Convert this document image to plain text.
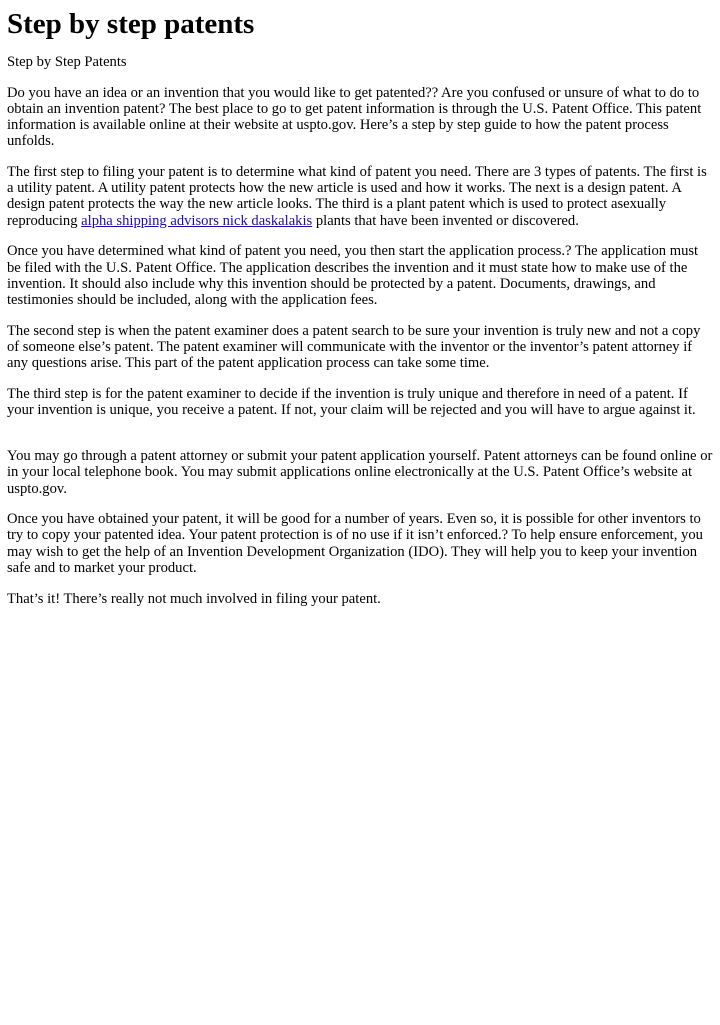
Step by step patents

Step by Step Patents

Do you have an idea or an invention that you would like to get patented?? Are you confused or unsure of what to do to obtain an invention patent? The best place to go to get patent information is through the U.S. Patent Office. This patent information is available online at their website at uspto.gov. Here’s a step by step guide to how the patent process unfolds.

The first step to filing your patent is to determine what kind of patent you need. There are 3 types of patents. The first is a utility patent. A utility patent protects how the new article is used and how it works. The next is a design patent. A design patent protects the way the new article looks. The third is a plant patent which is used to protect asexually reproducing alpha shipping advisors nick daskalakis plants that have been invented or discovered.

Once you have determined what kind of patent you need, you then start the application process.? The application must be filed with the U.S. Patent Office. The application describes the invention and it must state how to make use of the invention. It should also include why this invention should be protected by a patent. Documents, drawings, and testimonies should be included, along with the application fees.

The second step is when the patent examiner does a patent search to be sure your invention is truly new and not a copy of someone else’s patent. The patent examiner will communicate with the inventor or the inventor’s patent attorney if any questions arise. This part of the patent application process can take some time.

The third step is for the patent examiner to decide if the invention is truly unique and therefore in need of a patent. If your invention is unique, you receive a patent. If not, your claim will be rejected and you will have to argue against it.

You may go through a patent attorney or submit your patent application yourself. Patent attorneys can be found online or in your local telephone book. You may submit applications online electronically at the U.S. Patent Office’s website at uspto.gov.

Once you have obtained your patent, it will be good for a number of years. Even so, it is possible for other inventors to try to copy your patented idea. Your patent protection is of no use if it isn’t enforced.? To help ensure enforcement, you may wish to get the help of an Invention Development Organization (IDO). They will help you to keep your invention safe and to market your product.

That’s it! There’s really not much involved in filing your patent.
